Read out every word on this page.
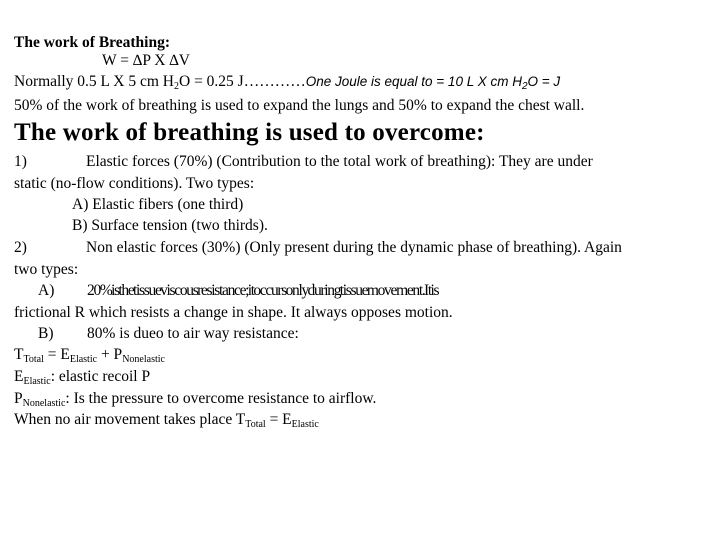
The work of Breathing:
W = ∆P X ∆V
Normally 0.5 L X 5 cm $H_2O = 0.25$ J…………One Joule is equal to = 10 L X cm $H_2O = J$
50% of the work of breathing is used to expand the lungs and 50% to expand the chest wall.
The work of breathing is used to overcome:
1)	Elastic forces (70%) (Contribution to the total work of breathing): They are under
static (no-flow conditions). Two types:
A) Elastic fibers (one third)
B) Surface tension (two thirds).
2)	Non elastic forces (30%) (Only present during the dynamic phase of breathing). Again
two types:
A) 20% is the tissue viscous resistance; it occurs only during tissue movement. It is
frictional R which resists a change in shape. It always opposes motion.
B) 80% is dueo to air way resistance:
$T_{Total} = E_{Elastic} + P_{Nonelastic}$
$E_{Elastic}$: elastic recoil P
$P_{Nonelastic}$: Is the pressure to overcome resistance to airflow.
When no air movement takes place $T_{Total} = E_{Elastic}$
